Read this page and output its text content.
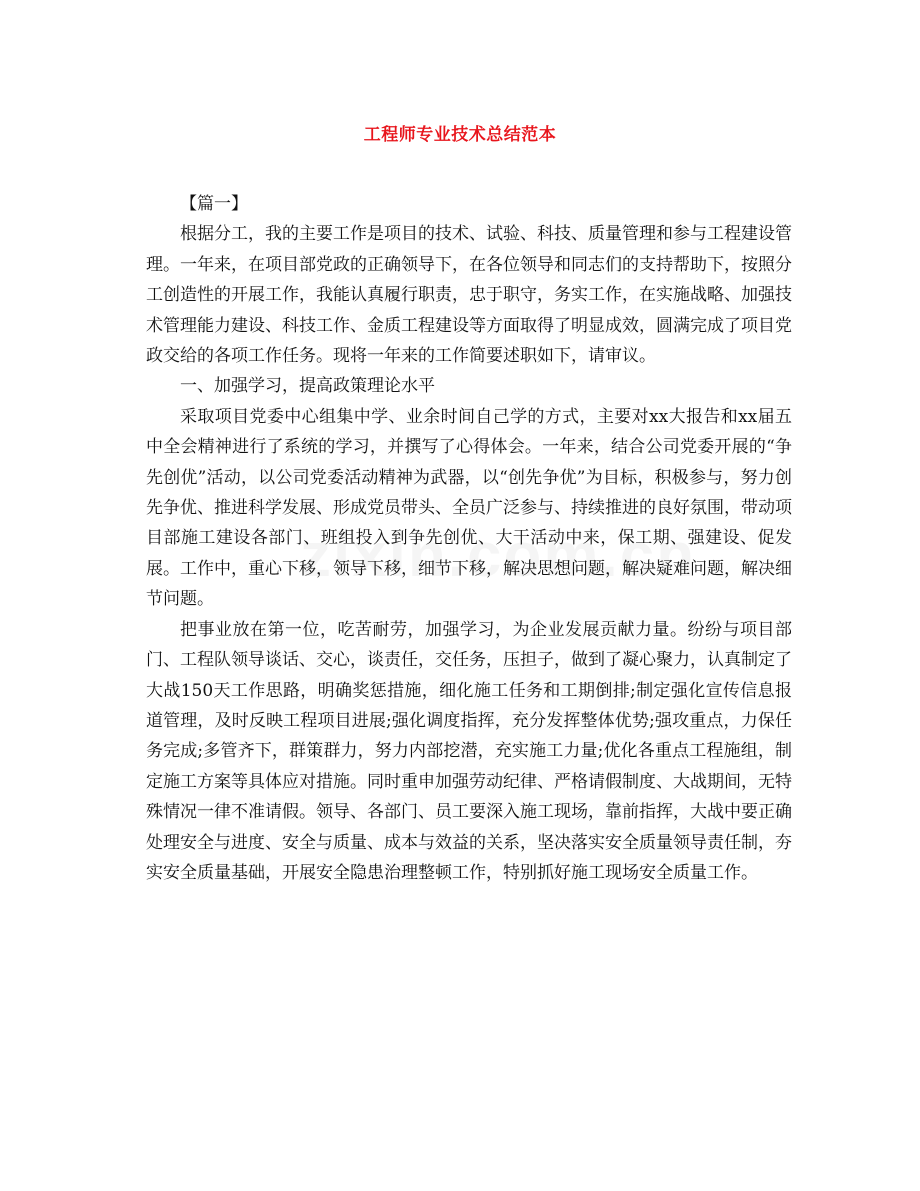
工程师专业技术总结范本

【篇一】

根据分工，我的主要工作是项目的技术、试验、科技、质量管理和参与工程建设管理。一年来，在项目部党政的正确领导下，在各位领导和同志们的支持帮助下，按照分工创造性的开展工作，我能认真履行职责，忠于职守，务实工作，在实施战略、加强技术管理能力建设、科技工作、金质工程建设等方面取得了明显成效，圆满完成了项目党政交给的各项工作任务。现将一年来的工作简要述职如下，请审议。

一、加强学习，提高政策理论水平

采取项目党委中心组集中学、业余时间自己学的方式，主要对xx大报告和xx届五中全会精神进行了系统的学习，并撰写了心得体会。一年来，结合公司党委开展的“争先创优”活动，以公司党委活动精神为武器，以“创先争优”为目标，积极参与，努力创先争优、推进科学发展、形成党员带头、全员广泛参与、持续推进的良好氛围，带动项目部施工建设各部门、班组投入到争先创优、大干活动中来，保工期、强建设、促发展。工作中，重心下移，领导下移，细节下移，解决思想问题，解决疑难问题，解决细节问题。

把事业放在第一位，吃苦耐劳，加强学习，为企业发展贡献力量。纷纷与项目部门、工程队领导谈话、交心，谈责任，交任务，压担子，做到了凝心聚力，认真制定了大战150天工作思路，明确奖惩措施，细化施工任务和工期倒排;制定强化宣传信息报道管理，及时反映工程项目进展;强化调度指挥，充分发挥整体优势;强攻重点，力保任务完成;多管齐下，群策群力，努力内部挖潜，充实施工力量;优化各重点工程施组，制定施工方案等具体应对措施。同时重申加强劳动纪律、严格请假制度、大战期间，无特殊情况一律不准请假。领导、各部门、员工要深入施工现场，靠前指挥，大战中要正确处理安全与进度、安全与质量、成本与效益的关系，坚决落实安全质量领导责任制，夯实安全质量基础，开展安全隐患治理整顿工作，特别抓好施工现场安全质量工作。
